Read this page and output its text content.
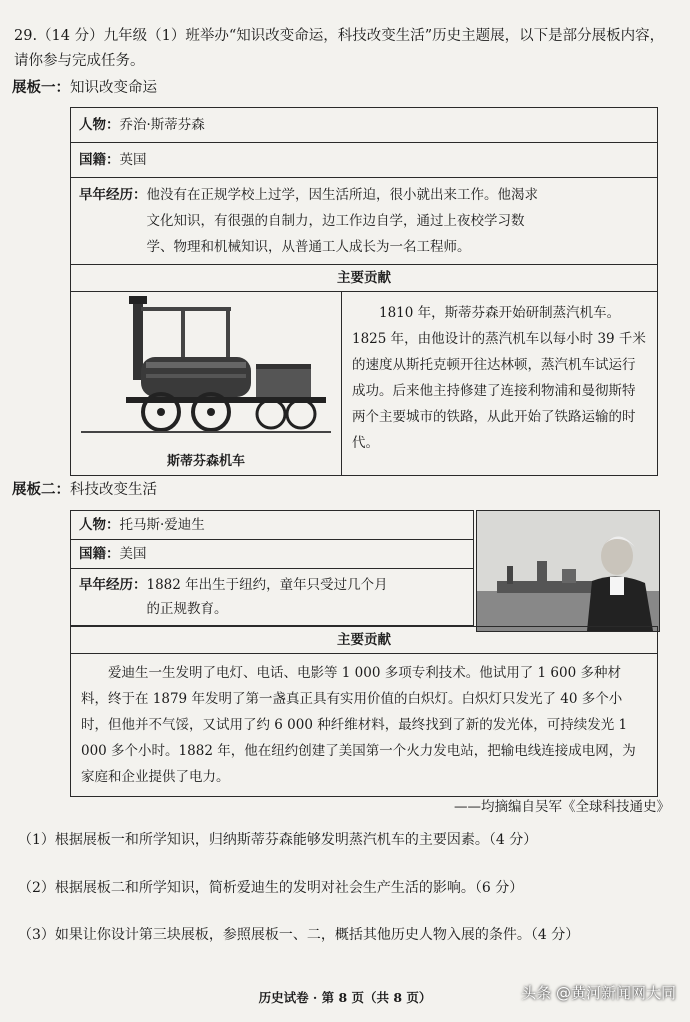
29.（14 分）九年级（1）班举办“知识改变命运，科技改变生活”历史主题展，以下是部分展板内容，请你参与完成任务。
展板一：知识改变命运
人物：乔治·斯蒂芬森
国籍：英国

早年经历： 他没有在正规学校上过学，因生活所迫，很小就出来工作。他渴求
文化知识，有很强的自制力，边工作边自学，通过上夜校学习数
学、物理和机械知识，从普通工人成长为一名工程师。

主要贡献

斯蒂芬森机车

1810 年，斯蒂芬森开始研制蒸汽机车。1825 年，由他设计的蒸汽机车以每小时 39 千米的速度从斯托克顿开往达林顿，蒸汽机车试运行成功。后来他主持修建了连接利物浦和曼彻斯特两个主要城市的铁路，从此开始了铁路运输的时代。
展板二：科技改变生活
人物：托马斯·爱迪生
国籍：美国

早年经历： 1882 年出生于纽约，童年只受过几个月
的正规教育。
主要贡献

爱迪生一生发明了电灯、电话、电影等 1 000 多项专利技术。他试用了 1 600 多种材料，终于在 1879 年发明了第一盏真正具有实用价值的白炽灯。白炽灯只发光了 40 多个小时，但他并不气馁，又试用了约 6 000 种纤维材料，最终找到了新的发光体，可持续发光 1 000 多个小时。1882 年，他在纽约创建了美国第一个火力发电站，把输电线连接成电网，为家庭和企业提供了电力。
——均摘编自吴军《全球科技通史》
（1）根据展板一和所学知识，归纳斯蒂芬森能够发明蒸汽机车的主要因素。（4 分）
（2）根据展板二和所学知识，简析爱迪生的发明对社会生产生活的影响。（6 分）
（3）如果让你设计第三块展板，参照展板一、二，概括其他历史人物入展的条件。（4 分）
历史试卷 · 第 8 页（共 8 页）	头条 @黄河新闻网大同
